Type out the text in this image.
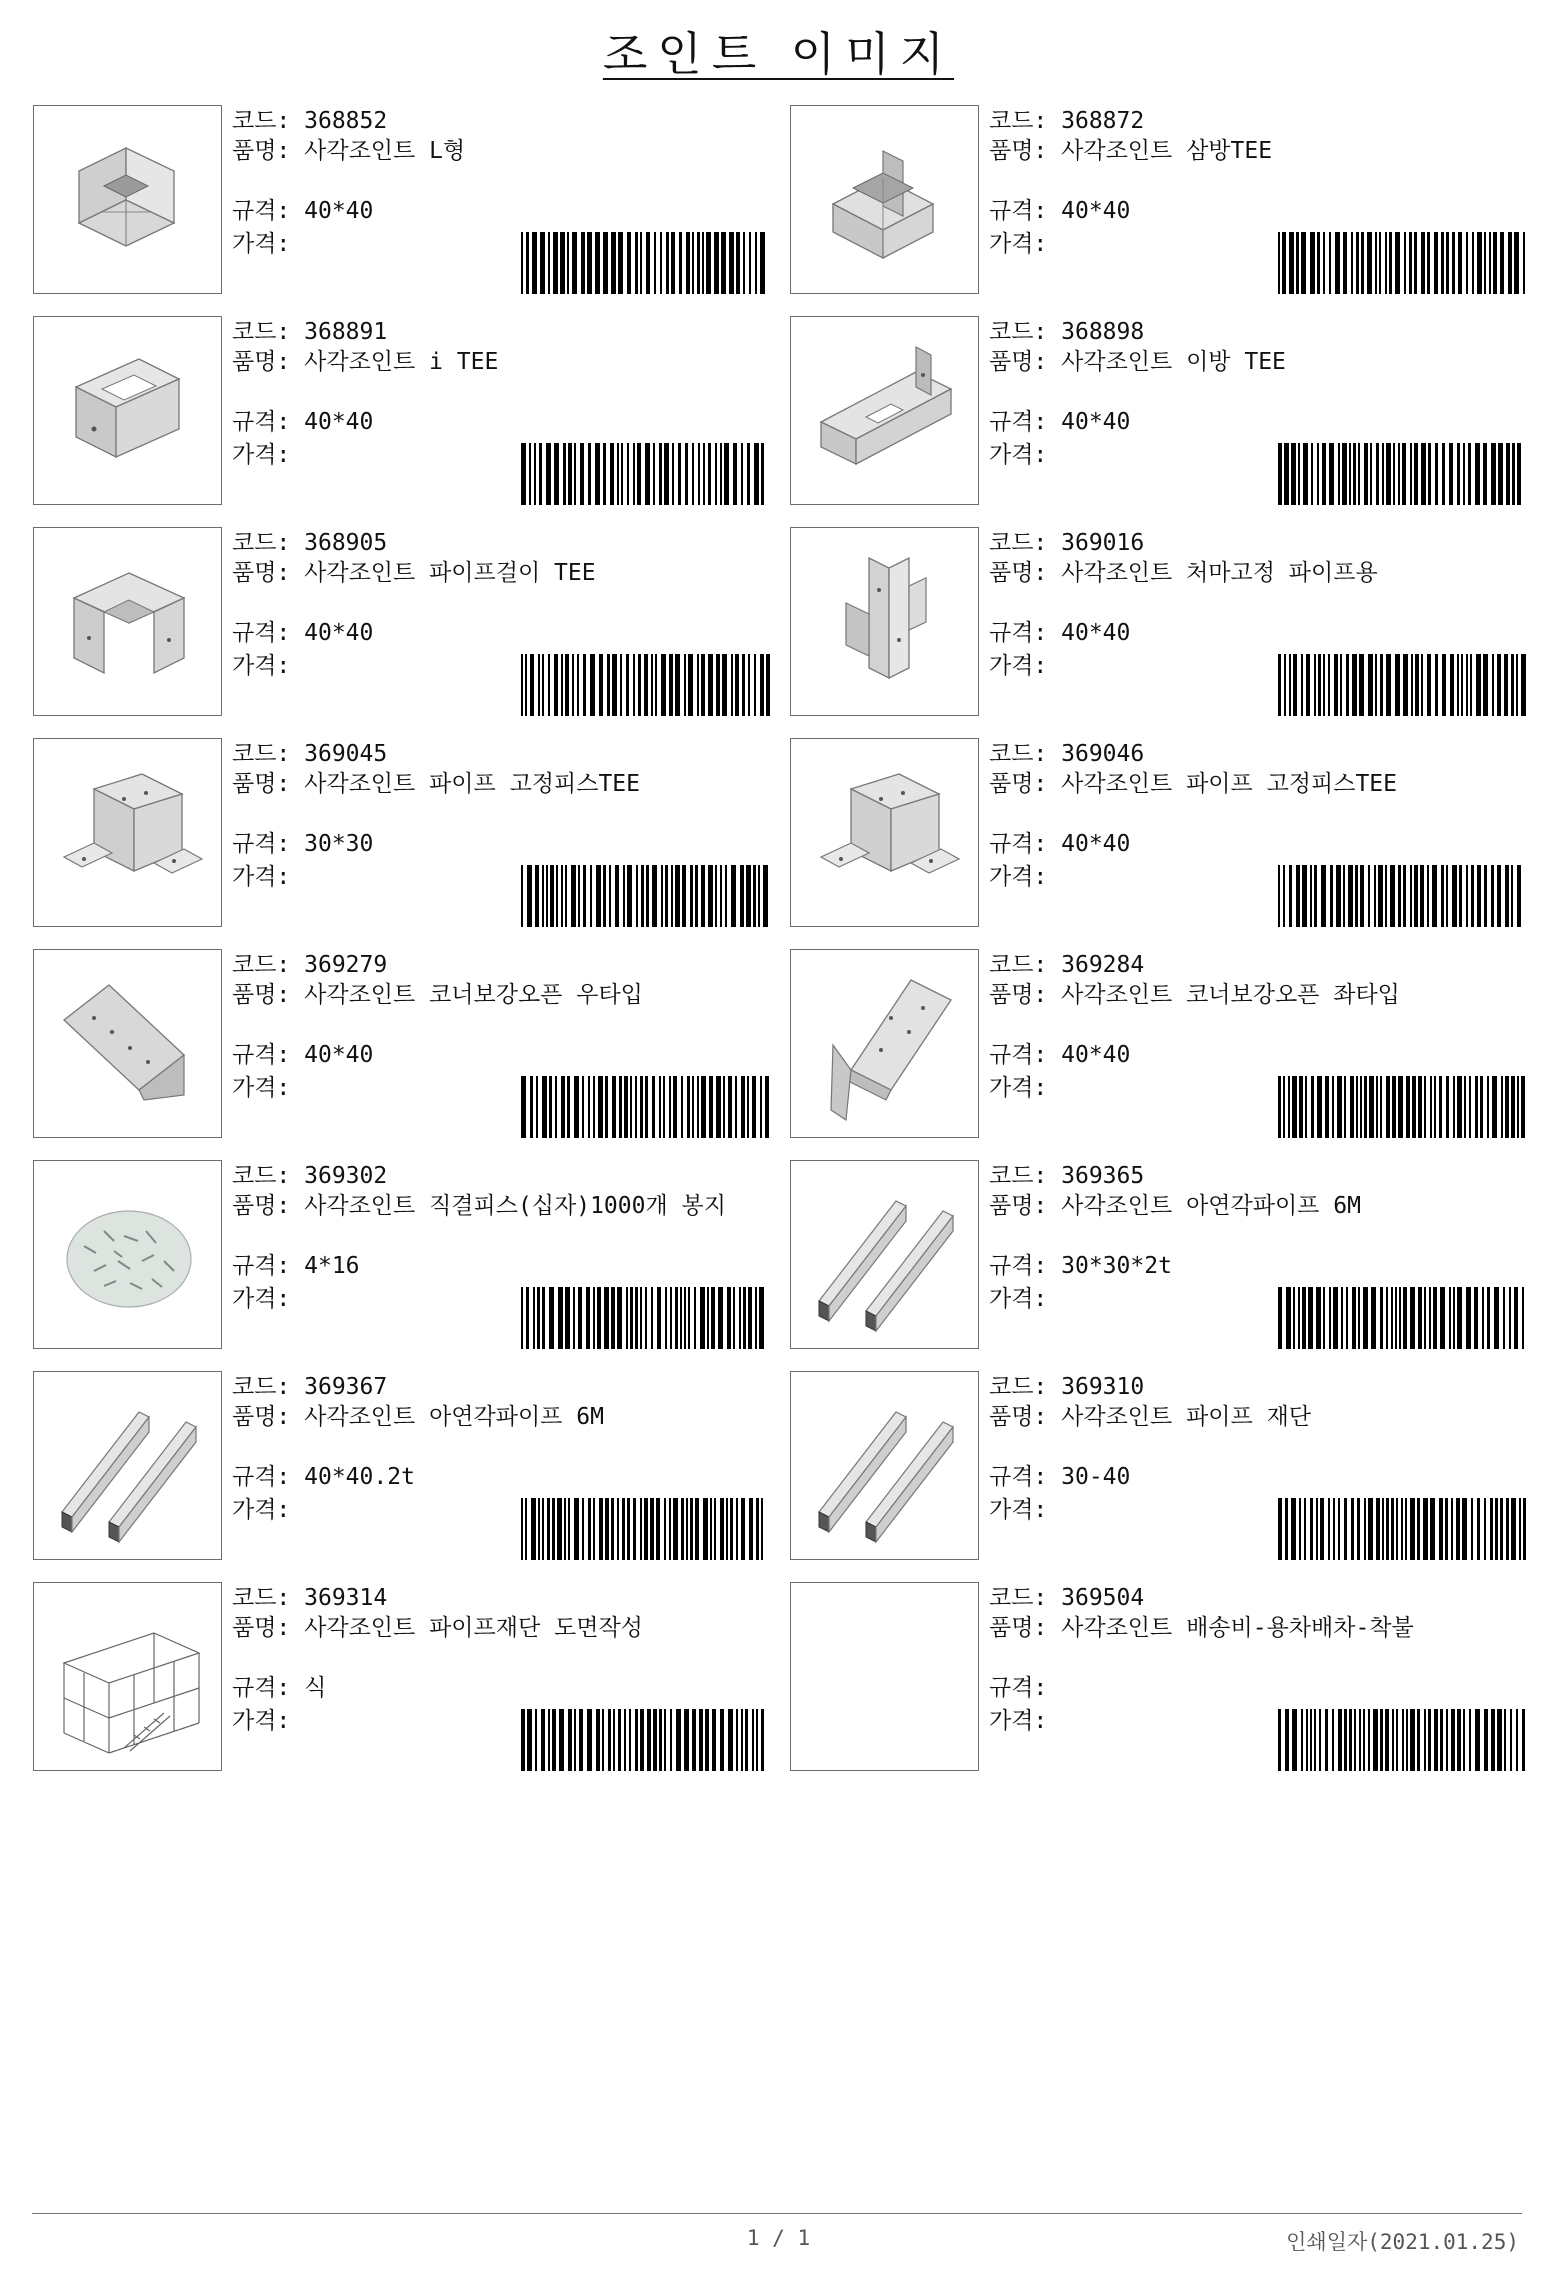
조인트 이미지
코드: 368852
품명: 사각조인트 L형
규격: 40*40
가격:
코드: 368872
품명: 사각조인트 삼방TEE
규격: 40*40
가격:
코드: 368891
품명: 사각조인트 i TEE
규격: 40*40
가격:
코드: 368898
품명: 사각조인트 이방 TEE
규격: 40*40
가격:
코드: 368905
품명: 사각조인트 파이프걸이 TEE
규격: 40*40
가격:
코드: 369016
품명: 사각조인트 처마고정 파이프용
규격: 40*40
가격:
코드: 369045
품명: 사각조인트 파이프 고정피스TEE
규격: 30*30
가격:
코드: 369046
품명: 사각조인트 파이프 고정피스TEE
규격: 40*40
가격:
코드: 369279
품명: 사각조인트 코너보강오픈 우타입
규격: 40*40
가격:
코드: 369284
품명: 사각조인트 코너보강오픈 좌타입
규격: 40*40
가격:
코드: 369302
품명: 사각조인트 직결피스(십자)1000개 봉지
규격: 4*16
가격:
코드: 369365
품명: 사각조인트 아연각파이프 6M
규격: 30*30*2t
가격:
코드: 369367
품명: 사각조인트 아연각파이프 6M
규격: 40*40.2t
가격:
코드: 369310
품명: 사각조인트 파이프 재단
규격: 30-40
가격:
코드: 369314
품명: 사각조인트 파이프재단 도면작성
규격: 식
가격:
코드: 369504
품명: 사각조인트 배송비-용차배차-착불
규격:
가격:
1 / 1	인쇄일자(2021.01.25)
